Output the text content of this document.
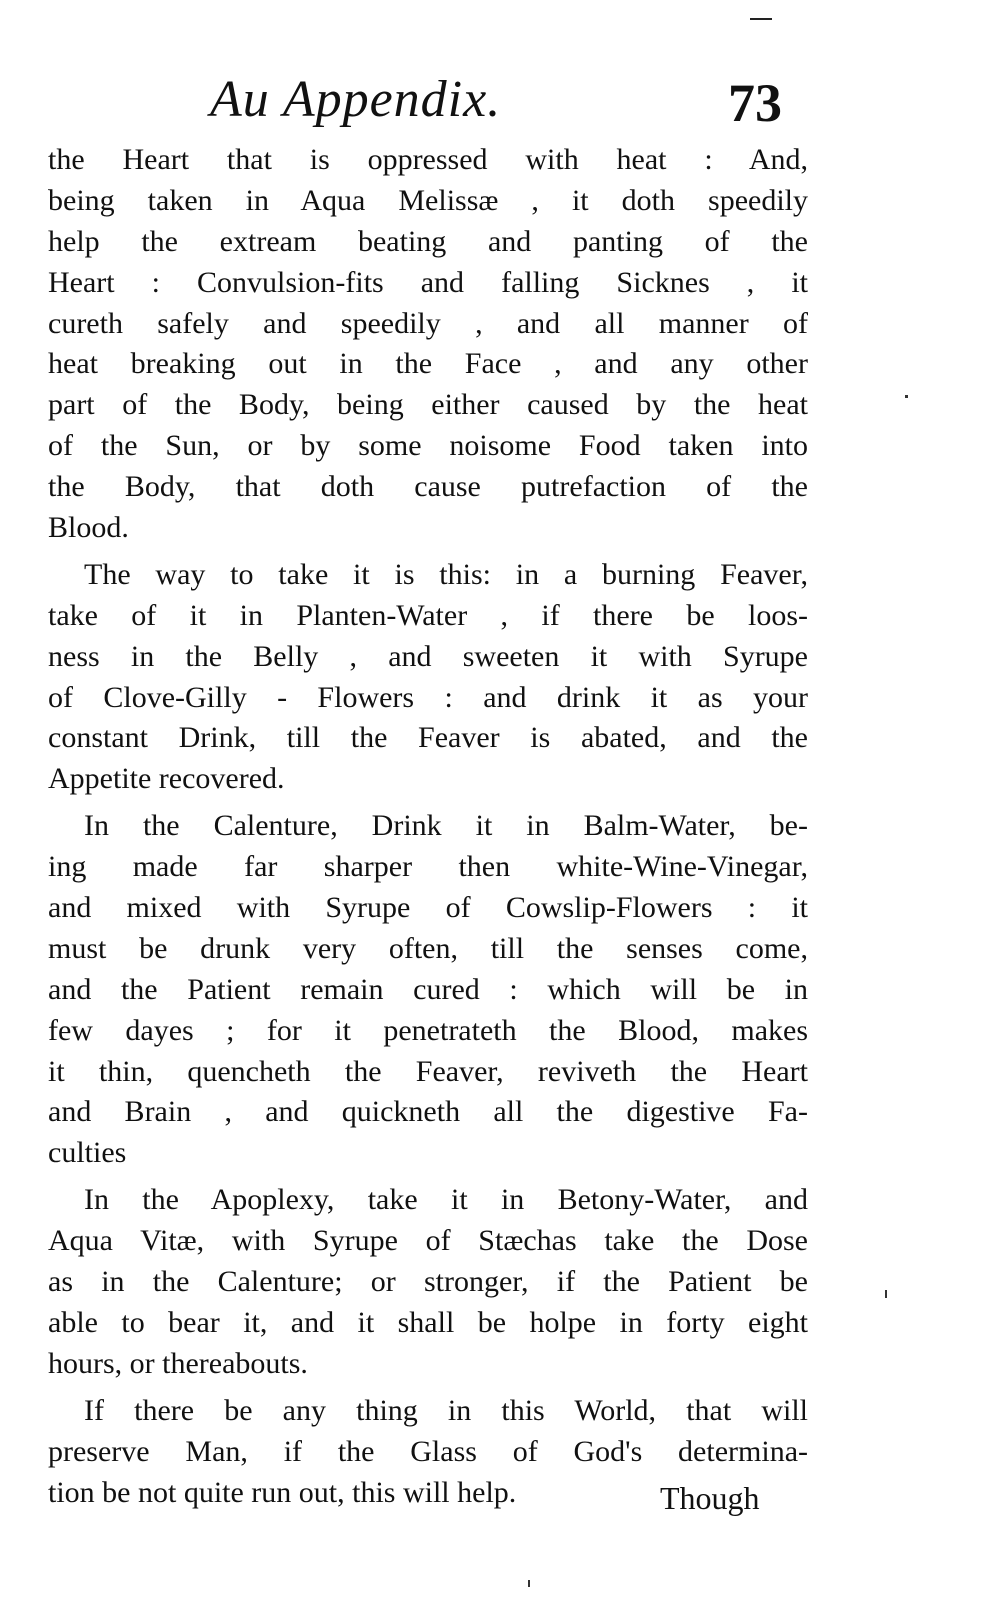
Au Appendix.	73
the Heart that is oppressed with heat : And,
being taken in Aqua Melissæ , it doth speedily
help the extream beating and panting of the
Heart : Convulsion-fits and falling Sicknes , it
cureth safely and speedily , and all manner of
heat breaking out in the Face , and any other
part of the Body, being either caused by the heat
of the Sun, or by some noisome Food taken into
the Body, that doth cause putrefaction of the
Blood.
The way to take it is this: in a burning Feaver,
take of it in Planten-Water , if there be loos-
ness in the Belly , and sweeten it with Syrupe
of Clove-Gilly - Flowers : and drink it as your
constant Drink, till the Feaver is abated, and the
Appetite recovered.
In the Calenture, Drink it in Balm-Water, be-
ing made far sharper then white-Wine-Vinegar,
and mixed with Syrupe of Cowslip-Flowers : it
must be drunk very often, till the senses come,
and the Patient remain cured : which will be in
few dayes ; for it penetrateth the Blood, makes
it thin, quencheth the Feaver, reviveth the Heart
and Brain , and quickneth all the digestive Fa-
culties
In the Apoplexy, take it in Betony-Water, and
Aqua Vitæ, with Syrupe of Stæchas take the Dose
as in the Calenture; or stronger, if the Patient be
able to bear it, and it shall be holpe in forty eight
hours, or thereabouts.
If there be any thing in this World, that will
preserve Man, if the Glass of God's determina-
tion be not quite run out, this will help.	Though
